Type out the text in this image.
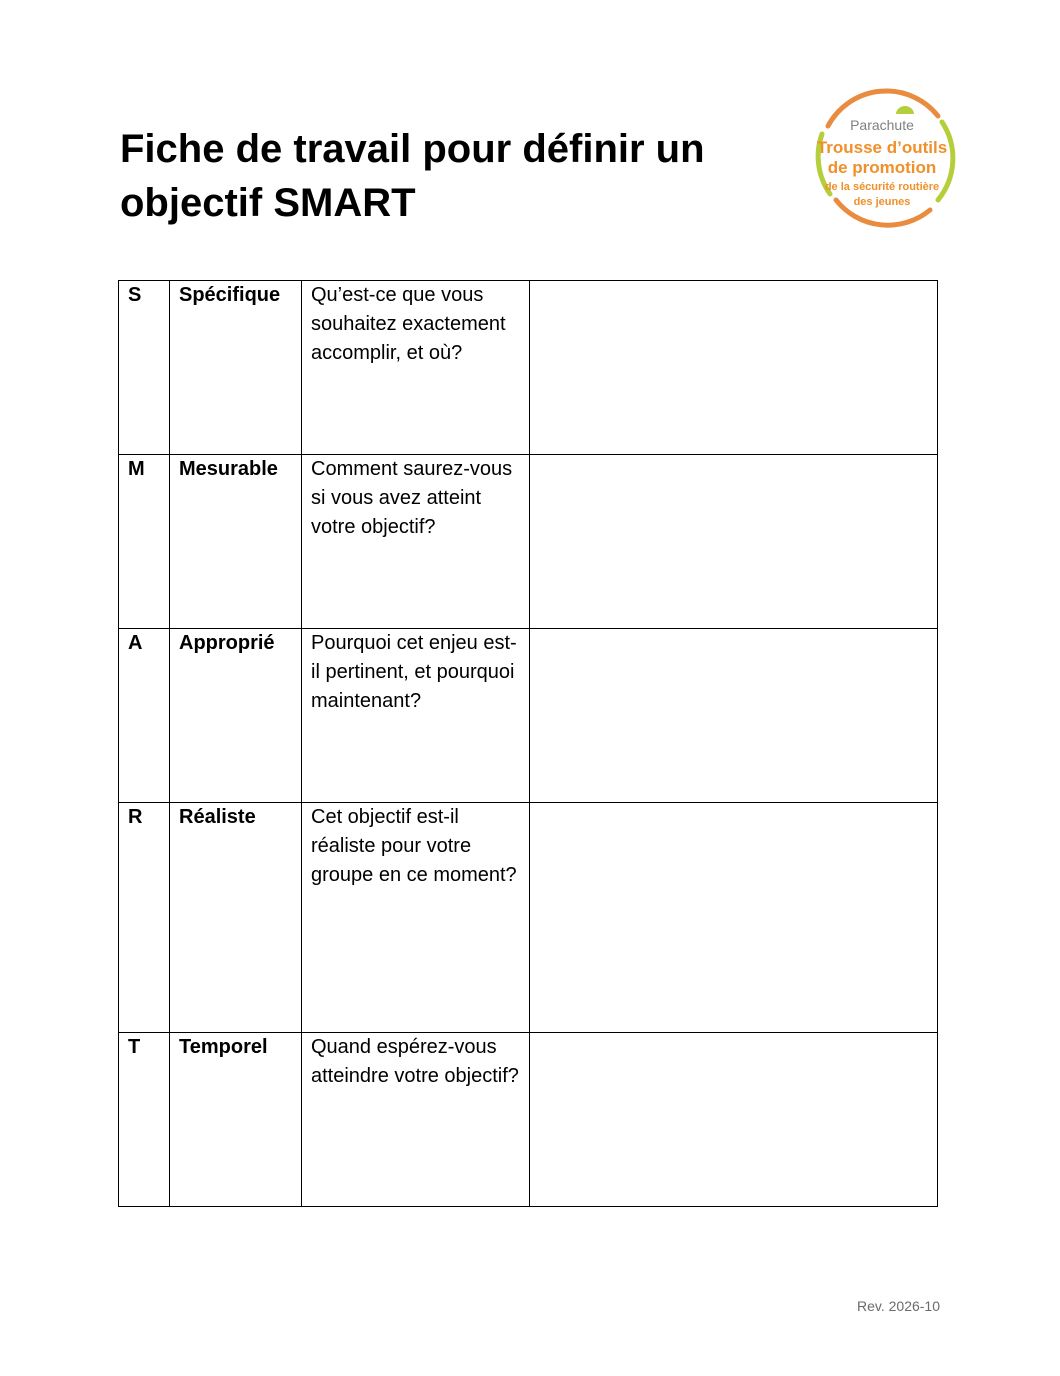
Fiche de travail pour définir un objectif SMART
Parachute
Trousse d’outils
de promotion
de la sécurité routière
des jeunes
S	Spécifique	Qu’est-ce que vous souhaitez exactement accomplir, et où?	

M	Mesurable	Comment saurez-vous si vous avez atteint votre objectif?	

A	Approprié	Pourquoi cet enjeu est-il pertinent, et pourquoi maintenant?	

R	Réaliste	Cet objectif est-il réaliste pour votre groupe en ce moment?	

T	Temporel	Quand espérez-vous atteindre votre objectif?	

Rev. 2026-10
